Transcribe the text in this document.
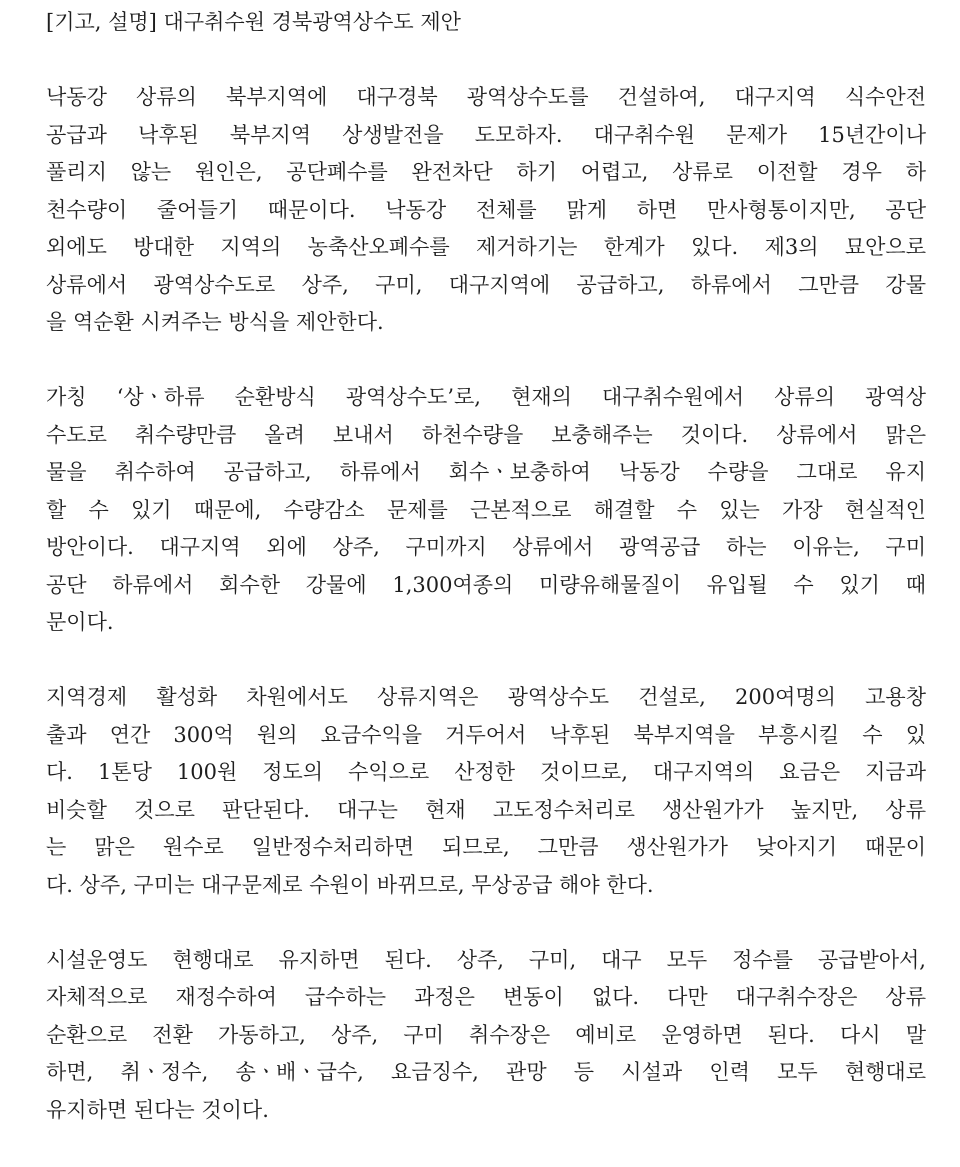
[기고, 설명] 대구취수원 경북광역상수도 제안
낙동강 상류의 북부지역에 대구경북 광역상수도를 건설하여, 대구지역 식수안전
공급과 낙후된 북부지역 상생발전을 도모하자. 대구취수원 문제가 15년간이나
풀리지 않는 원인은, 공단폐수를 완전차단 하기 어렵고, 상류로 이전할 경우 하
천수량이 줄어들기 때문이다. 낙동강 전체를 맑게 하면 만사형통이지만, 공단
외에도 방대한 지역의 농축산오폐수를 제거하기는 한계가 있다. 제3의 묘안으로
상류에서 광역상수도로 상주, 구미, 대구지역에 공급하고, 하류에서 그만큼 강물
을 역순환 시켜주는 방식을 제안한다.
가칭 ‘상ㆍ하류 순환방식 광역상수도’로, 현재의 대구취수원에서 상류의 광역상
수도로 취수량만큼 올려 보내서 하천수량을 보충해주는 것이다. 상류에서 맑은
물을 취수하여 공급하고, 하류에서 회수ㆍ보충하여 낙동강 수량을 그대로 유지
할 수 있기 때문에, 수량감소 문제를 근본적으로 해결할 수 있는 가장 현실적인
방안이다. 대구지역 외에 상주, 구미까지 상류에서 광역공급 하는 이유는, 구미
공단 하류에서 회수한 강물에 1,300여종의 미량유해물질이 유입될 수 있기 때
문이다.
지역경제 활성화 차원에서도 상류지역은 광역상수도 건설로, 200여명의 고용창
출과 연간 300억 원의 요금수익을 거두어서 낙후된 북부지역을 부흥시킬 수 있
다. 1톤당 100원 정도의 수익으로 산정한 것이므로, 대구지역의 요금은 지금과
비슷할 것으로 판단된다. 대구는 현재 고도정수처리로 생산원가가 높지만, 상류
는 맑은 원수로 일반정수처리하면 되므로, 그만큼 생산원가가 낮아지기 때문이
다. 상주, 구미는 대구문제로 수원이 바뀌므로, 무상공급 해야 한다.
시설운영도 현행대로 유지하면 된다. 상주, 구미, 대구 모두 정수를 공급받아서,
자체적으로 재정수하여 급수하는 과정은 변동이 없다. 다만 대구취수장은 상류
순환으로 전환 가동하고, 상주, 구미 취수장은 예비로 운영하면 된다. 다시 말
하면, 취ㆍ정수, 송ㆍ배ㆍ급수, 요금징수, 관망 등 시설과 인력 모두 현행대로
유지하면 된다는 것이다.
